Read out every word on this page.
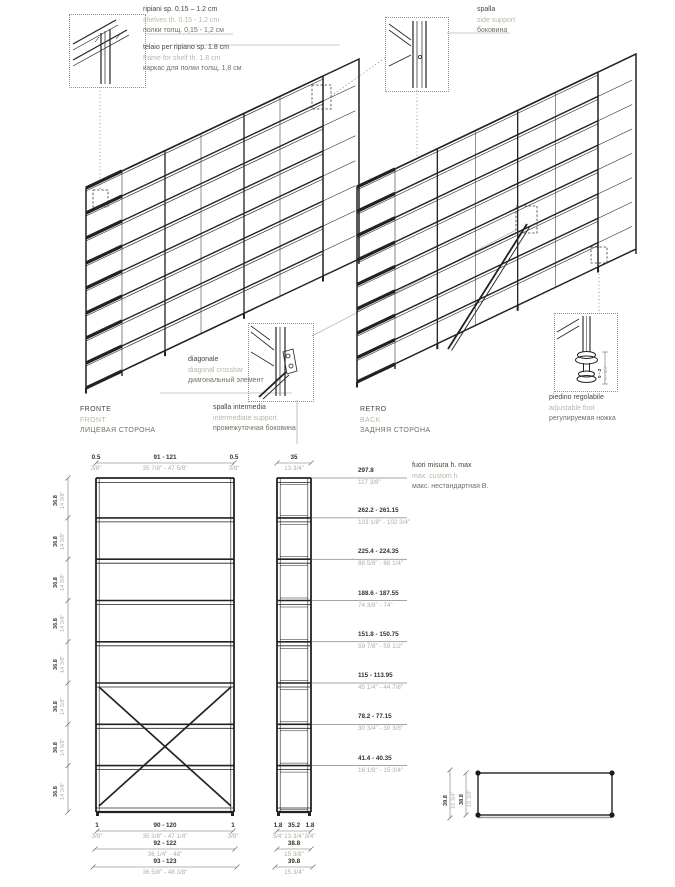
ripiani sp. 0.15 – 1.2 cm
shelves th. 0.15 - 1.2 cm
полки толщ. 0,15 - 1,2 см
telaio per ripiano sp. 1.8 cm
frame for shelf th. 1.8 cm
каркас для полки толщ. 1,8 см
spalla
side support
боковина
diagonale
diagonal crossbar
диагональный элемент
spalla intermedia
intermediate support
промежуточная боковина
piedino regolabile
adjustable foot
регулируемая ножка
fuori misura h. max
max. custom h.
макс. нестандартная В.
FRONTE
FRONT
ЛИЦЕВАЯ СТОРОНА
RETRO
BACK
ЗАДНЯЯ СТОРОНА
0.5
3/8"
91 - 121
35 7/8" - 47 5/8"
0.5
3/8"
35
13 3/4"	297.8
117 3/8"
262.2 - 261.15
103 1/8" - 102 3/4"
225.4 - 224.35
88 5/8" - 88 1/4"
188.6 - 187.55
74 3/8" - 74"
151.8 - 150.75
59 7/8" - 59 1/2"
115 - 113.95
45 1/4" - 44 7/8"
78.2 - 77.15
30 3/4" - 30 3/8"
41.4 - 40.35
16 1/8" - 15 3/4"
36.8 14 3/8"
36.8 14 3/8"
36.8 14 3/8"
36.8 14 3/8"
36.8 14 3/8"
36.8 14 3/8"
36.8 14 3/8"
36.8 14 3/8"
1
3/8"
90 - 120
35 3/8" - 47 1/4"
1
3/8"
92 - 122
36 1/4" - 48"
93 - 123
36 5/8" - 48 3/8"
1.8
3/4"
35.2
13 3/4"
1.8
3/4"
38.8
15 3/8"
39.8
15 3/4"
39.8 15 3/4" 38.8 15 3/8"
0 - 2 0 - 3/4"
